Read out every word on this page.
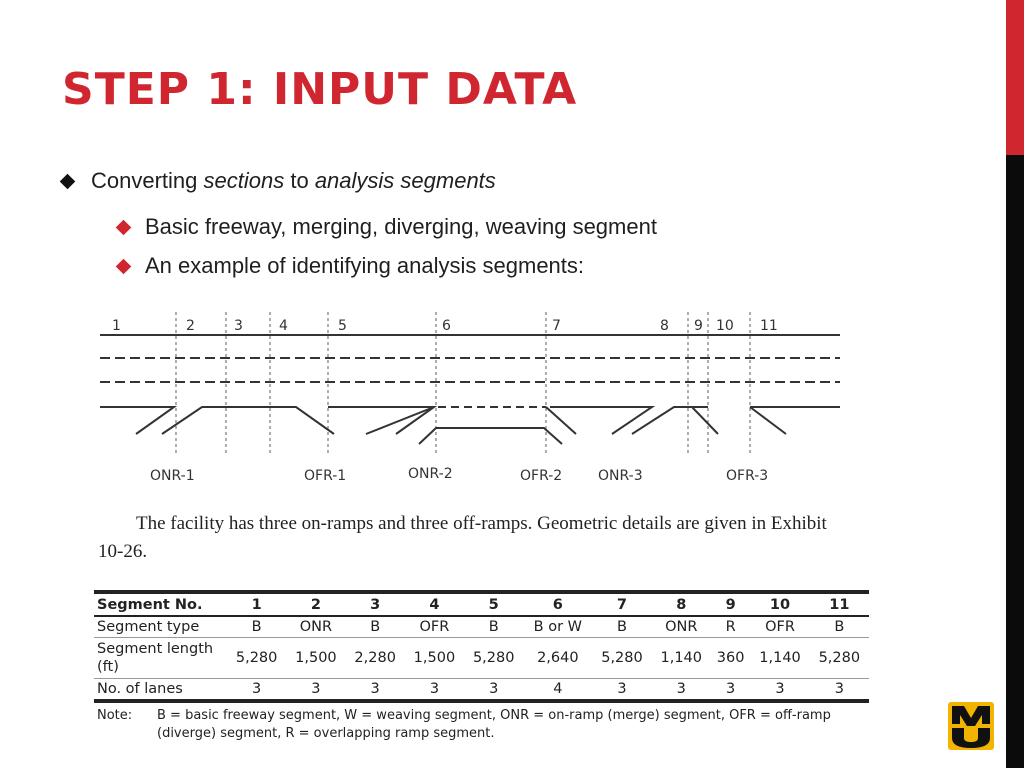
STEP 1: INPUT DATA
Converting sections to analysis segments
Basic freeway, merging, diverging, weaving segment
An example of identifying analysis segments:
1	2	3	4	5	6	7	8 9 10 11
ONR-1	OFR-1	ONR-2	OFR-2	ONR-3	OFR-3

The facility has three on-ramps and three off-ramps. Geometric details are given in Exhibit 10-26.

Segment No.	1	2	3	4	5	6	7	8	9	10	11
Segment type	B	ONR	B	OFR	B	B or W	B	ONR	R	OFR	B
Segment length (ft)	5,280	1,500	2,280	1,500	5,280	2,640	5,280	1,140	360	1,140	5,280
No. of lanes	3	3	3	3	3	4	3	3	3	3	3
Note:	B = basic freeway segment, W = weaving segment, ONR = on-ramp (merge) segment, OFR = off-ramp (diverge) segment, R = overlapping ramp segment.
